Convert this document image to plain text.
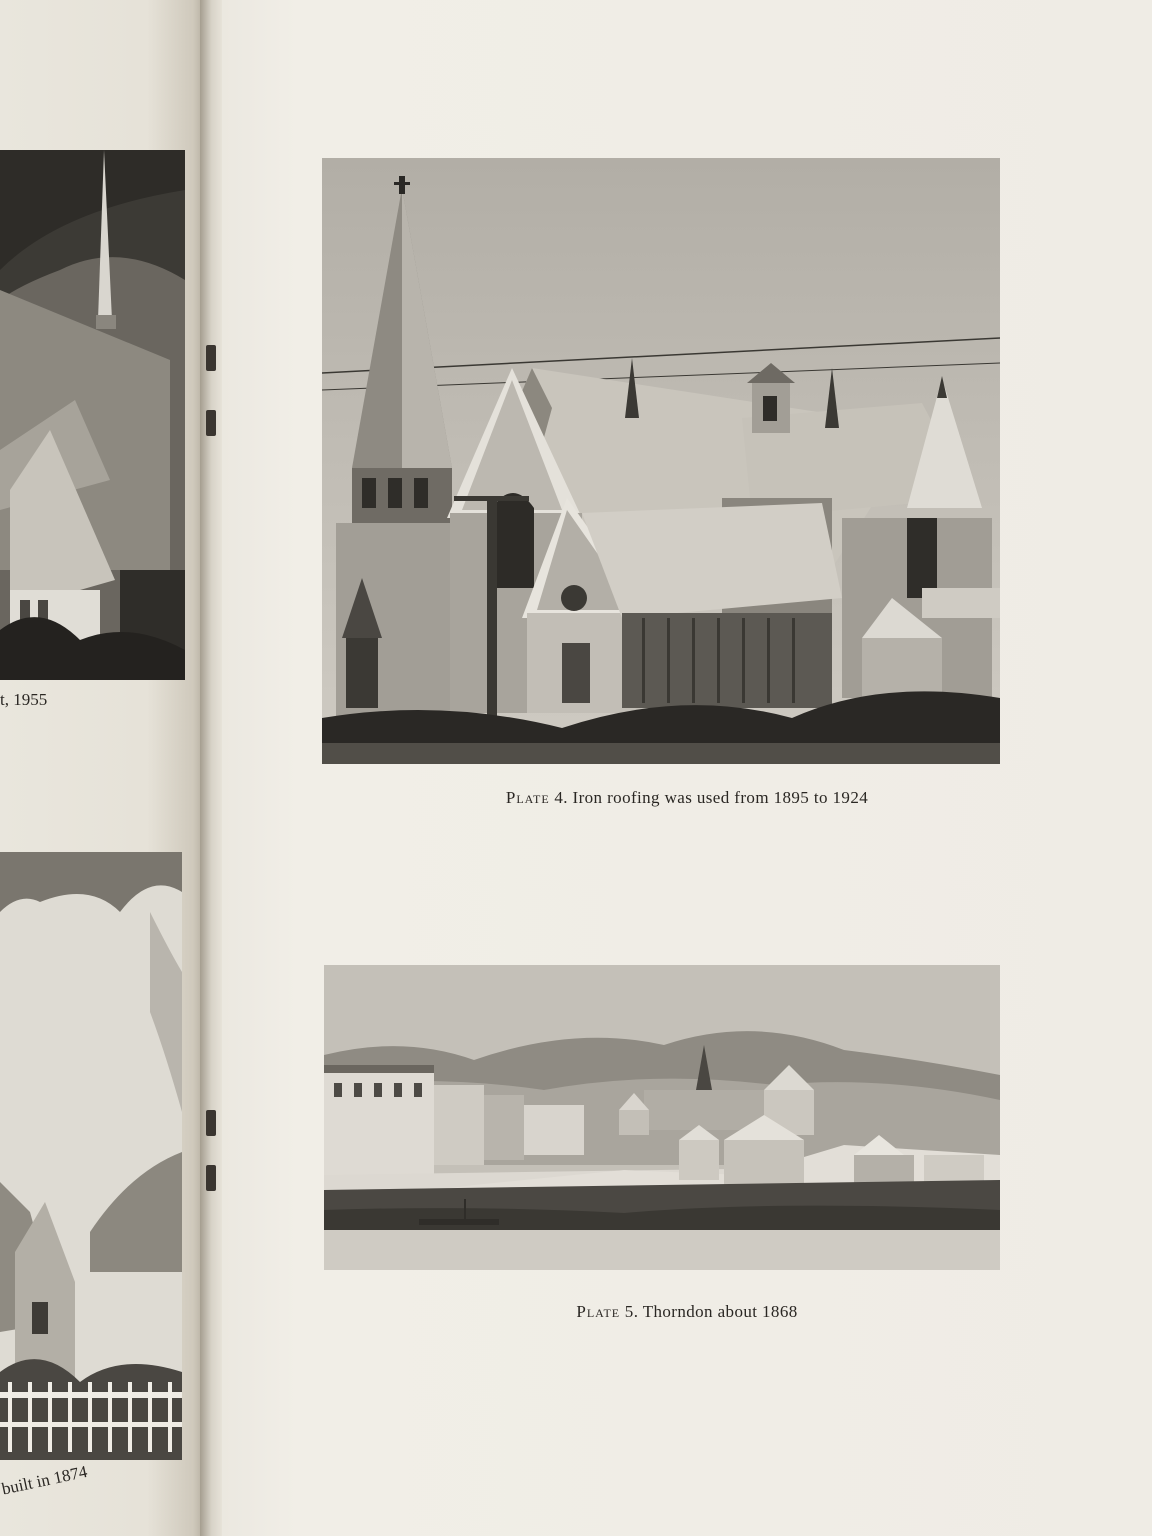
t, 1955
built in 1874
Plate 4. Iron roofing was used from 1895 to 1924
Plate 5. Thorndon about 1868
